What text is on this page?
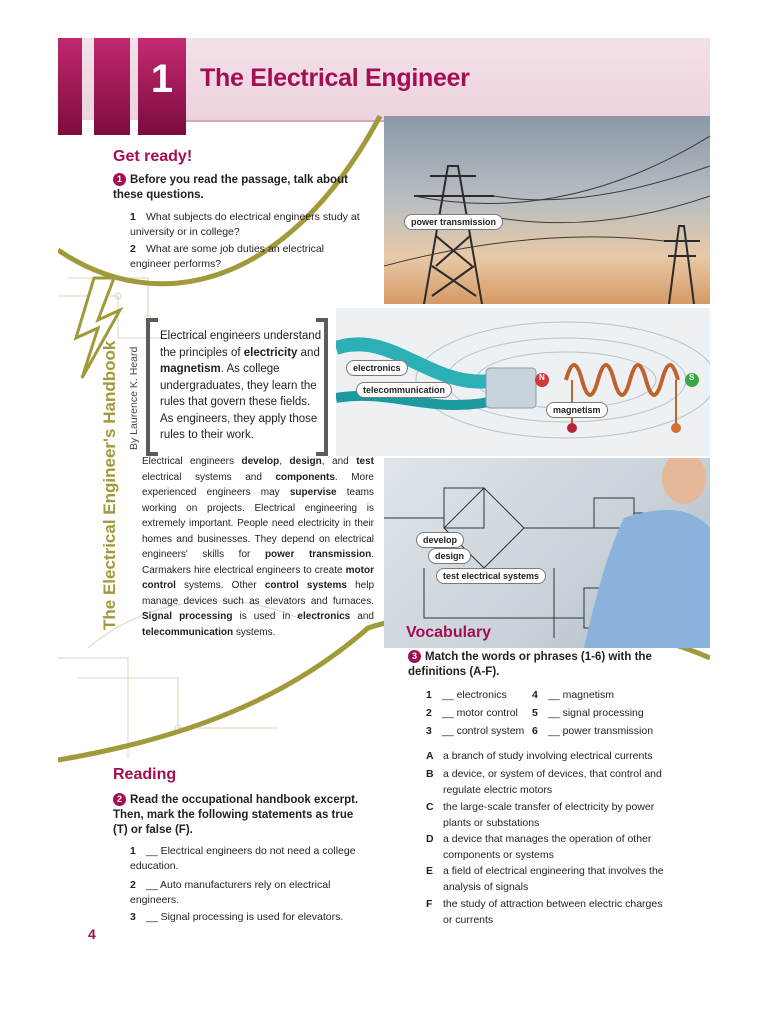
1	The Electrical Engineer
power transmission
electronics
telecommunication
magnetism
N	S
develop
design
test electrical systems
Get ready!
1 Before you read the passage, talk about these questions.
1 What subjects do electrical engineers study at university or in college?
2 What are some job duties an electrical engineer performs?
The Electrical Engineer's Handbook By Laurence K. Heard
Electrical engineers understand the principles of electricity and magnetism. As college undergraduates, they learn the rules that govern these fields. As engineers, they apply those rules to their work.
Electrical engineers develop, design, and test electrical systems and components. More experienced engineers may supervise teams working on projects. Electrical engineering is extremely important. People need electricity in their homes and businesses. They depend on electrical engineers' skills for power transmission. Carmakers hire electrical engineers to create motor control systems. Other control systems help manage devices such as elevators and furnaces. Signal processing is used in electronics and telecommunication systems.	Vocabulary
3 Match the words or phrases (1-6) with the definitions (A-F).
1 __ electronics
2 __ motor control
3 __ control system
4 __ magnetism
5 __ signal processing
6 __ power transmission
A a branch of study involving electrical currents
B a device, or system of devices, that control and regulate electric motors
C the large-scale transfer of electricity by power plants or substations
D a device that manages the operation of other components or systems
E a field of electrical engineering that involves the analysis of signals
F the study of attraction between electric charges or currents
Reading
2 Read the occupational handbook excerpt. Then, mark the following statements as true (T) or false (F).
1 __ Electrical engineers do not need a college education.
2 __ Auto manufacturers rely on electrical engineers.
3 __ Signal processing is used for elevators.
4
